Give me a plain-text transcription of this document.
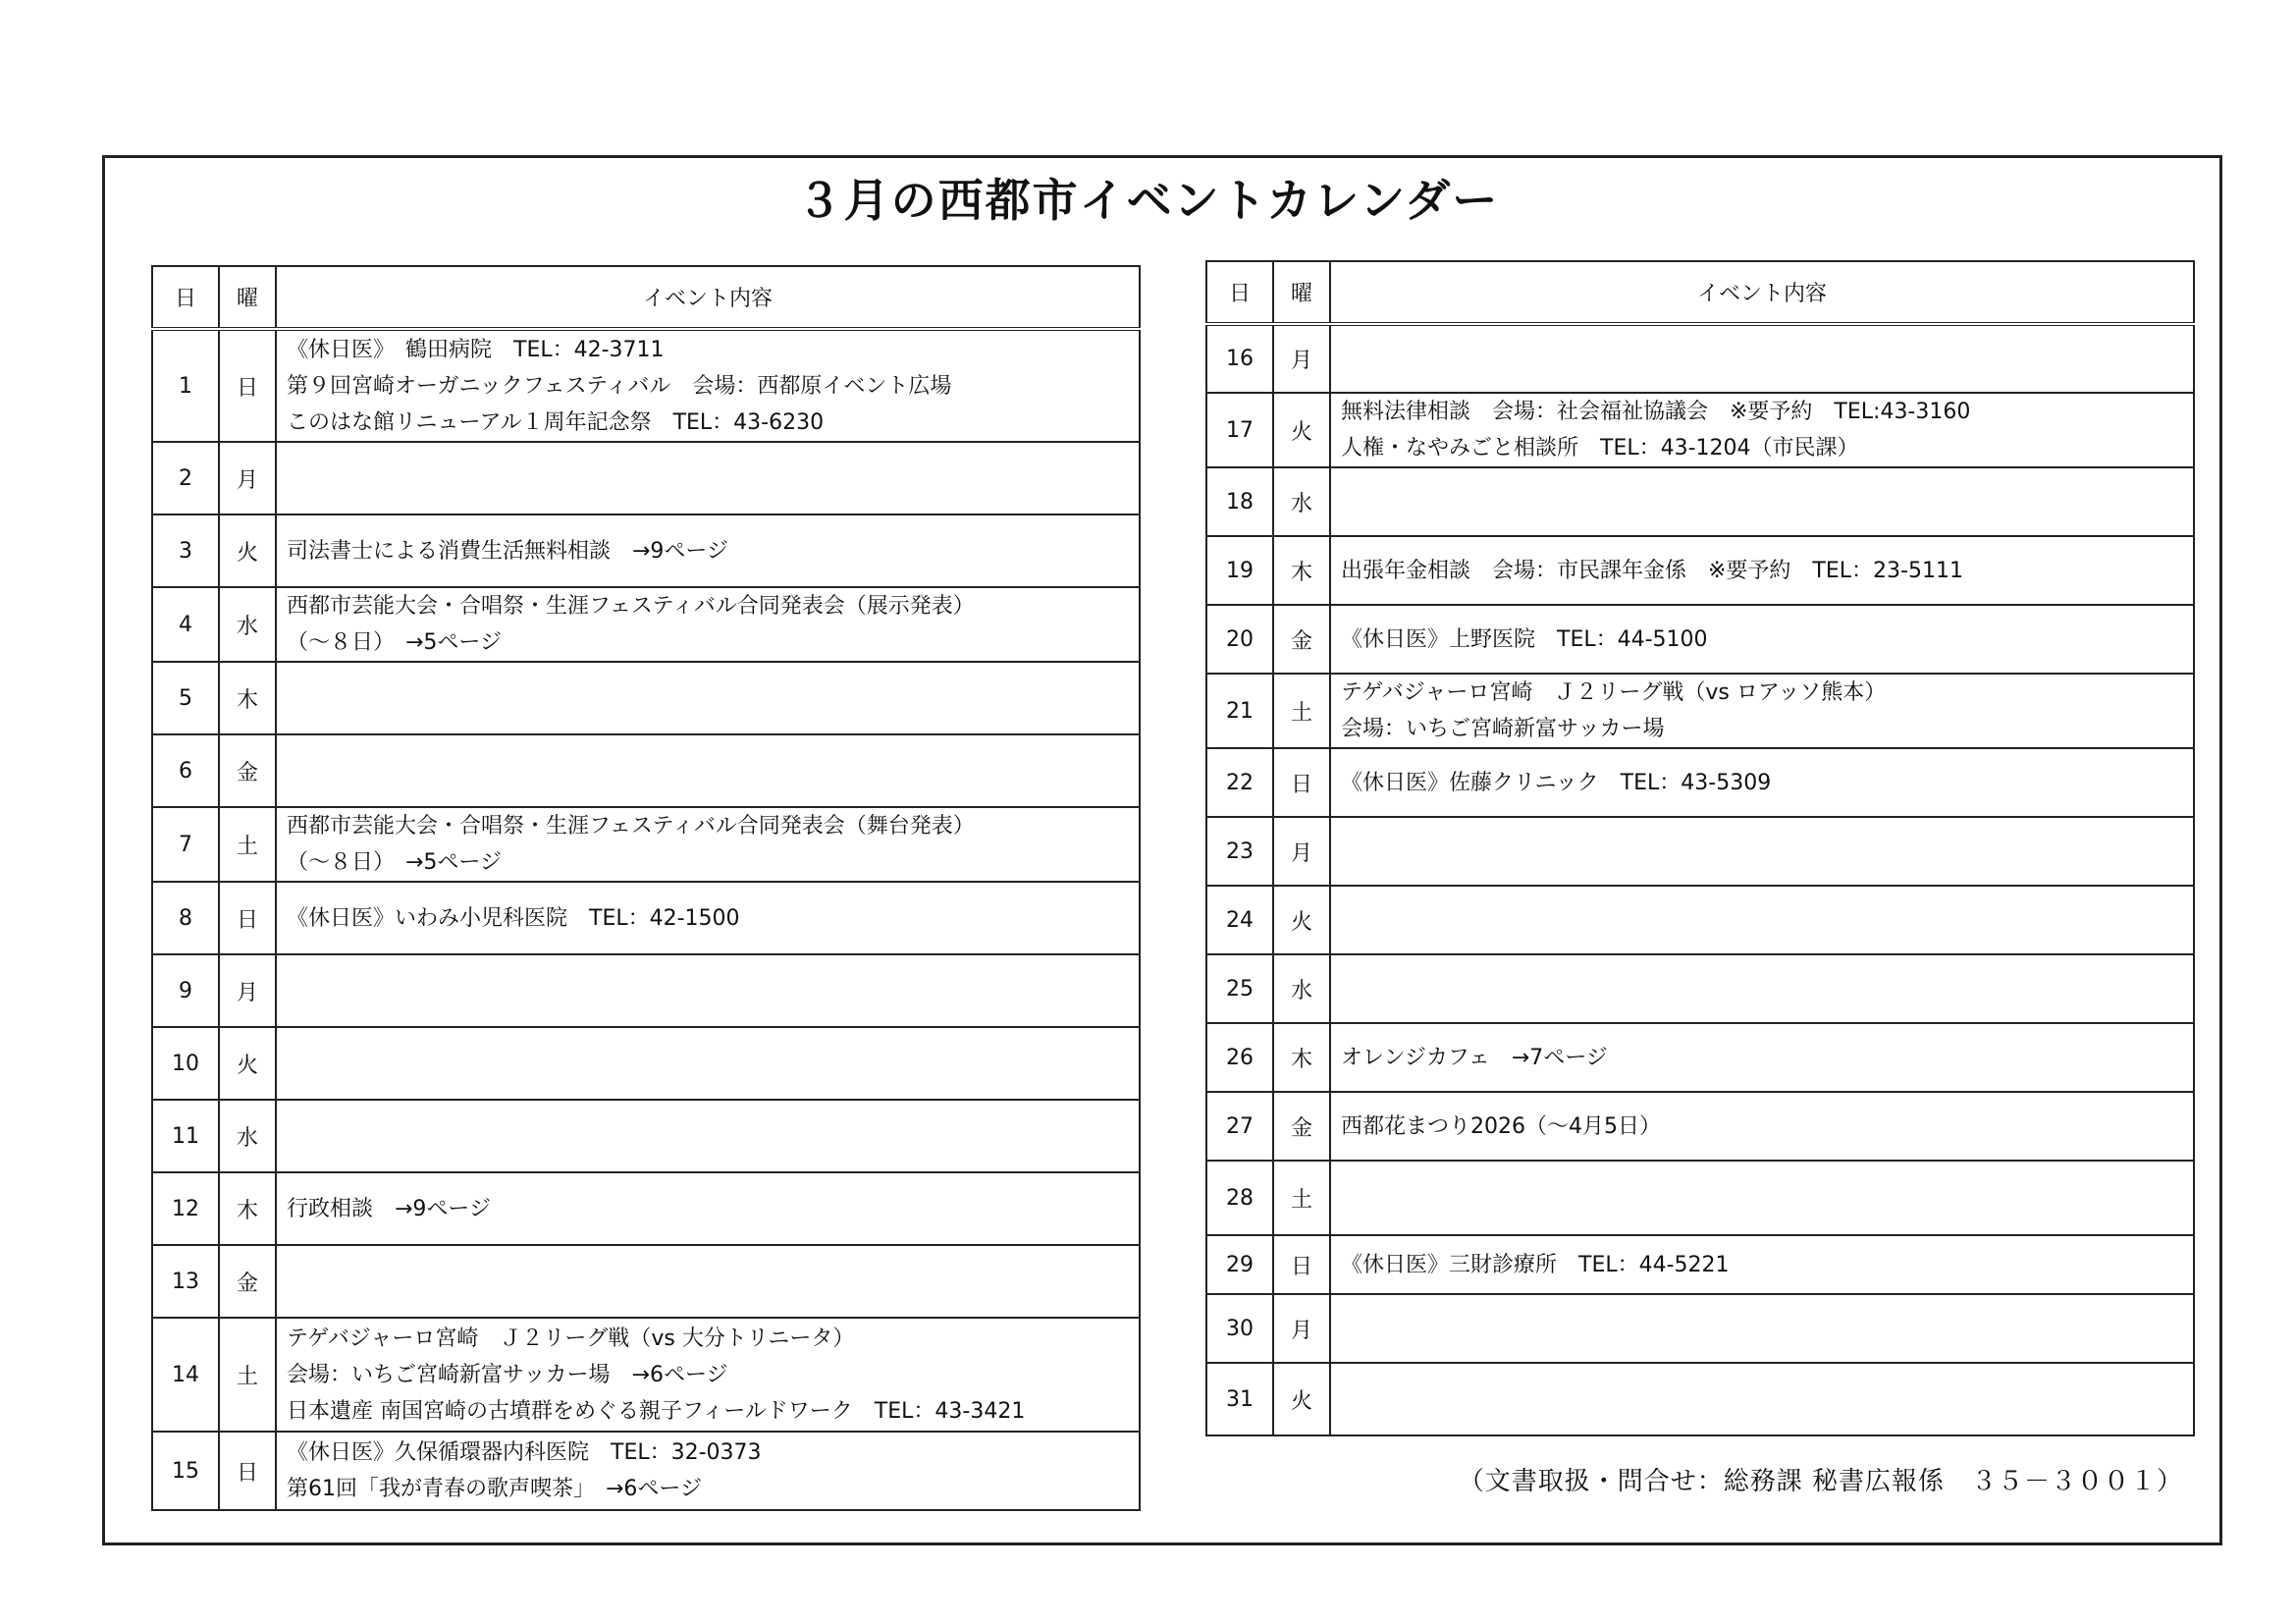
３月の西都市イベントカレンダー
日	曜	イベント内容
1	日	《休日医》　鶴田病院　TEL：42-3711
第９回宮崎オーガニックフェスティバル　会場：西都原イベント広場
このはな館リニューアル１周年記念祭　TEL：43-6230

2	月	
3	火	司法書士による消費生活無料相談　→9ページ

4	水	西都市芸能大会・合唱祭・生涯フェスティバル合同発表会（展示発表）
（～８日）　→5ページ

5	木	
6	金	
7	土	西都市芸能大会・合唱祭・生涯フェスティバル合同発表会（舞台発表）
（～８日）　→5ページ

8	日	《休日医》いわみ小児科医院　TEL：42-1500

9	月	
10	火	
11	水	
12	木	行政相談　→9ページ

13	金	
14	土	テゲバジャーロ宮崎　Ｊ２リーグ戦（vs 大分トリニータ）
会場：いちご宮崎新富サッカー場　→6ページ
日本遺産 南国宮崎の古墳群をめぐる親子フィールドワーク　TEL：43-3421

15	日	《休日医》久保循環器内科医院　TEL：32-0373
第61回「我が青春の歌声喫茶」　→6ページ
日	曜	イベント内容
16	月	
17	火	無料法律相談　会場：社会福祉協議会　※要予約　TEL:43-3160
人権・なやみごと相談所　TEL：43-1204（市民課）

18	水	
19	木	出張年金相談　会場：市民課年金係　※要予約　TEL：23-5111

20	金	《休日医》上野医院　TEL：44-5100

21	土	テゲバジャーロ宮崎　Ｊ２リーグ戦（vs ロアッソ熊本）
会場：いちご宮崎新富サッカー場

22	日	《休日医》佐藤クリニック　TEL：43-5309

23	月	
24	火	
25	水	
26	木	オレンジカフェ　→7ページ

27	金	西都花まつり2026（～4月5日）

28	土	
29	日	《休日医》三財診療所　TEL：44-5221

30	月	
31	火	
（文書取扱・問合せ：総務課 秘書広報係　３５－３００１）
